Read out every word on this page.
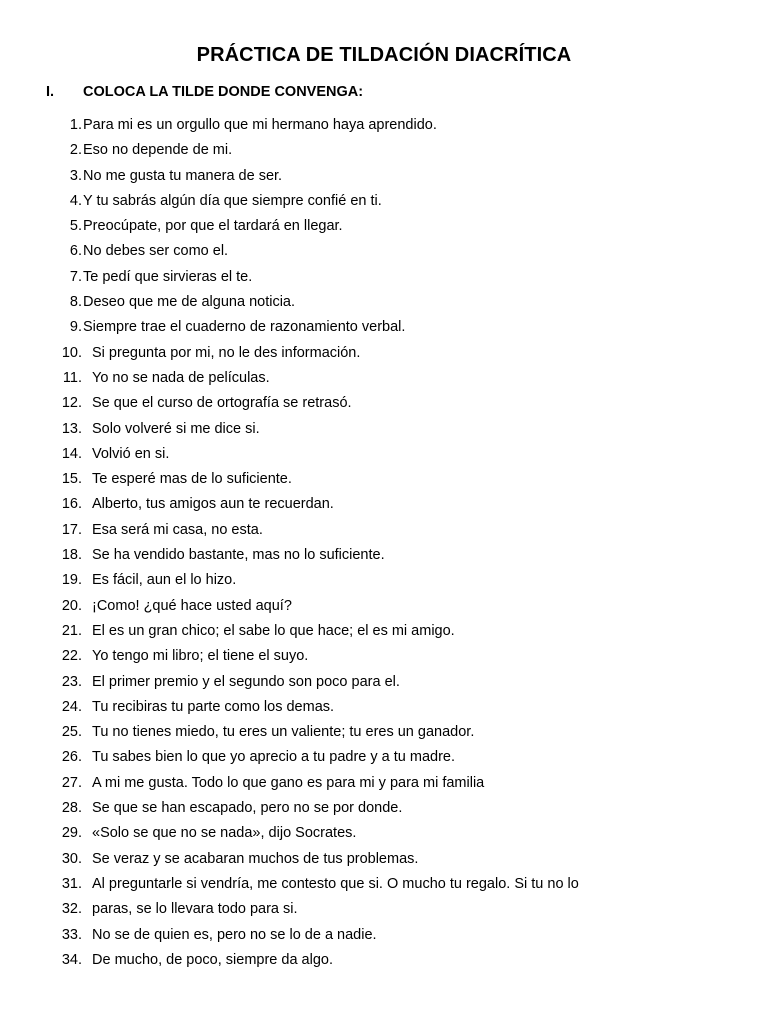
PRÁCTICA DE TILDACIÓN DIACRÍTICA
I. COLOCA LA TILDE DONDE CONVENGA:
1. Para mi es un orgullo que mi hermano haya aprendido.
2. Eso no depende de mi.
3. No me gusta tu manera de ser.
4. Y tu sabrás algún día que siempre confié en ti.
5. Preocúpate, por que el tardará en llegar.
6. No debes ser como el.
7. Te pedí que sirvieras el te.
8. Deseo que me de alguna noticia.
9. Siempre trae el cuaderno de razonamiento verbal.
10. Si pregunta por mi, no le des información.
11. Yo no se nada de películas.
12. Se que el curso de ortografía se retrasó.
13. Solo volveré si me dice si.
14. Volvió en si.
15. Te esperé mas de lo suficiente.
16. Alberto, tus amigos aun te recuerdan.
17. Esa será mi casa, no esta.
18. Se ha vendido bastante, mas no lo suficiente.
19. Es fácil, aun el lo hizo.
20. ¡Como! ¿qué hace usted aquí?
21. El es un gran chico; el sabe lo que hace; el es mi amigo.
22. Yo tengo mi libro; el tiene el suyo.
23. El primer premio y el segundo son poco para el.
24. Tu recibiras tu parte como los demas.
25. Tu no tienes miedo, tu eres un valiente; tu eres un ganador.
26. Tu sabes bien lo que yo aprecio a tu padre y a tu madre.
27. A mi me gusta. Todo lo que gano es para mi y para mi familia
28. Se que se han escapado, pero no se por donde.
29. «Solo se que no se nada», dijo Socrates.
30. Se veraz y se acabaran muchos de tus problemas.
31. Al preguntarle si vendría, me contesto que si. O mucho tu regalo. Si tu no lo
32. paras, se lo llevara todo para si.
33. No se de quien es, pero no se lo de a nadie.
34. De mucho, de poco, siempre da algo.
